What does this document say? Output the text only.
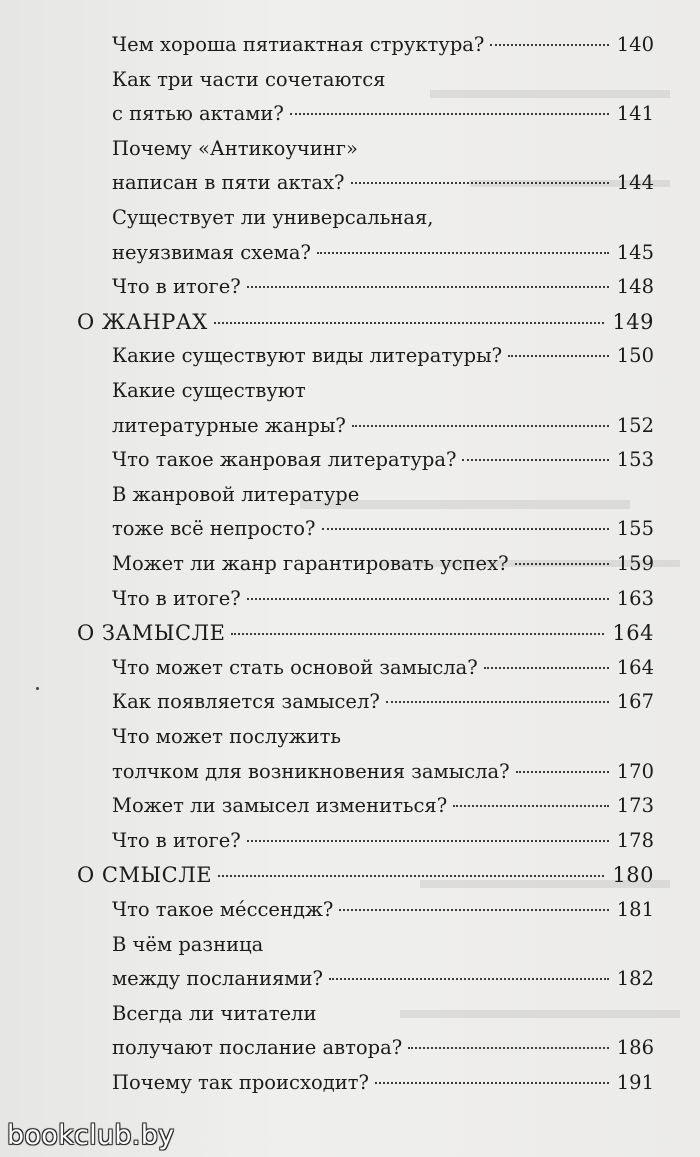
Чем хороша пятиактная структура?	140
Как три части сочетаются
с пятью актами?	141
Почему «Антикоучинг»
написан в пяти актах?	144
Существует ли универсальная,
неуязвимая схема?	145
Что в итоге?	148
О ЖАНРАХ	149
Какие существуют виды литературы?	150
Какие существуют
литературные жанры?	152
Что такое жанровая литература?	153
В жанровой литературе
тоже всё непросто?	155
Может ли жанр гарантировать успех?	159
Что в итоге?	163
О ЗАМЫСЛЕ	164
Что может стать основой замысла?	164
Как появляется замысел?	167
Что может послужить
толчком для возникновения замысла?	170
Может ли замысел измениться?	173
Что в итоге?	178
О СМЫСЛЕ	180
Что такое мéссендж?	181
В чём разница
между посланиями?	182
Всегда ли читатели
получают послание автора?	186
Почему так происходит?	191
bookclub.by
